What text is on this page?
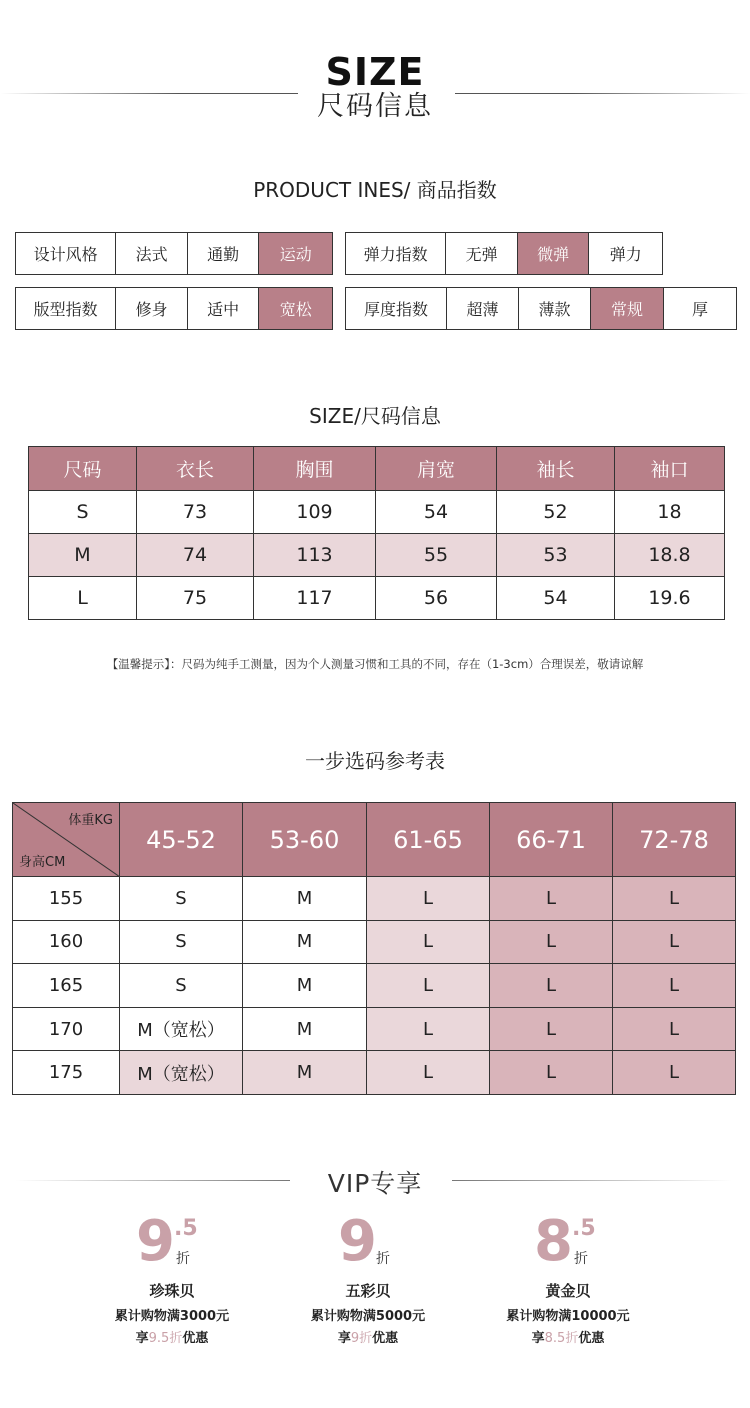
SIZE
尺码信息
PRODUCT INES/ 商品指数
设计风格	法式	通勤	运动	弹力指数	无弹	微弹	弹力
版型指数	修身	适中	宽松	厚度指数	超薄	薄款	常规	厚
SIZE/尺码信息
尺码	衣长	胸围	肩宽	袖长	袖口
S	73	109	54	52	18
M	74	113	55	53	18.8
L	75	117	56	54	19.6
【温馨提示】：尺码为纯手工测量，因为个人测量习惯和工具的不同，存在（1-3cm）合理误差，敬请谅解
一步选码参考表
体重KG
身高CM	45-52	53-60	61-65	66-71	72-78
155	S	M	L	L	L
160	S	M	L	L	L
165	S	M	L	L	L
170	M（宽松）	M	L	L	L
175	M（宽松）	M	L	L	L
VIP专享
9 .5
折
珍珠贝
累计购物满3000元
享9.5折优惠
9 折
五彩贝
累计购物满5000元
享9折优惠
8 .5
折
黄金贝
累计购物满10000元
享8.5折优惠
